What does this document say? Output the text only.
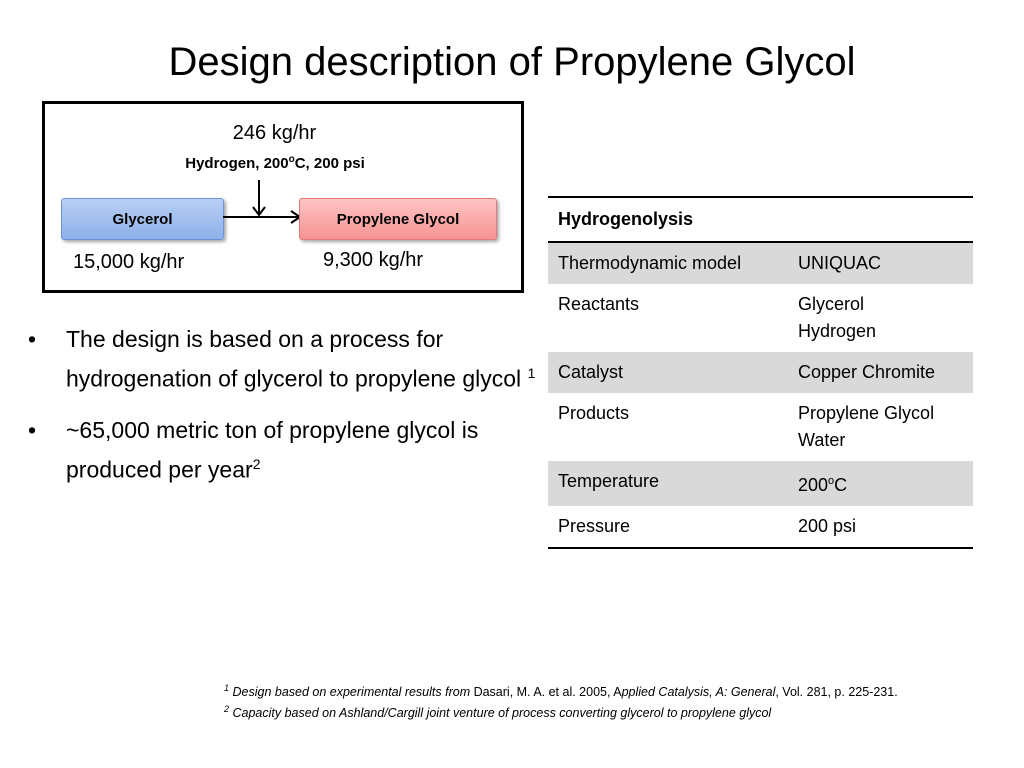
Design description of Propylene Glycol
246 kg/hr
Hydrogen, 200$^o$C, 200 psi
Glycerol	Propylene Glycol
15,000 kg/hr	9,300 kg/hr
• The design is based on a process for hydrogenation of glycerol to propylene glycol $^1$
• ~65,000 metric ton of propylene glycol is produced per year$^2$
Hydrogenolysis	
Thermodynamic model	UNIQUAC
Reactants	Glycerol
Hydrogen

Catalyst	Copper Chromite
Products	Propylene Glycol
Water

Temperature	200$^o$C
Pressure	200 psi
$^1$ Design based on experimental results from Dasari, M. A. et al. 2005, Applied Catalysis, A: General, Vol. 281, p. 225-231.
$^2$ Capacity based on Ashland/Cargill joint venture of process converting glycerol to propylene glycol
